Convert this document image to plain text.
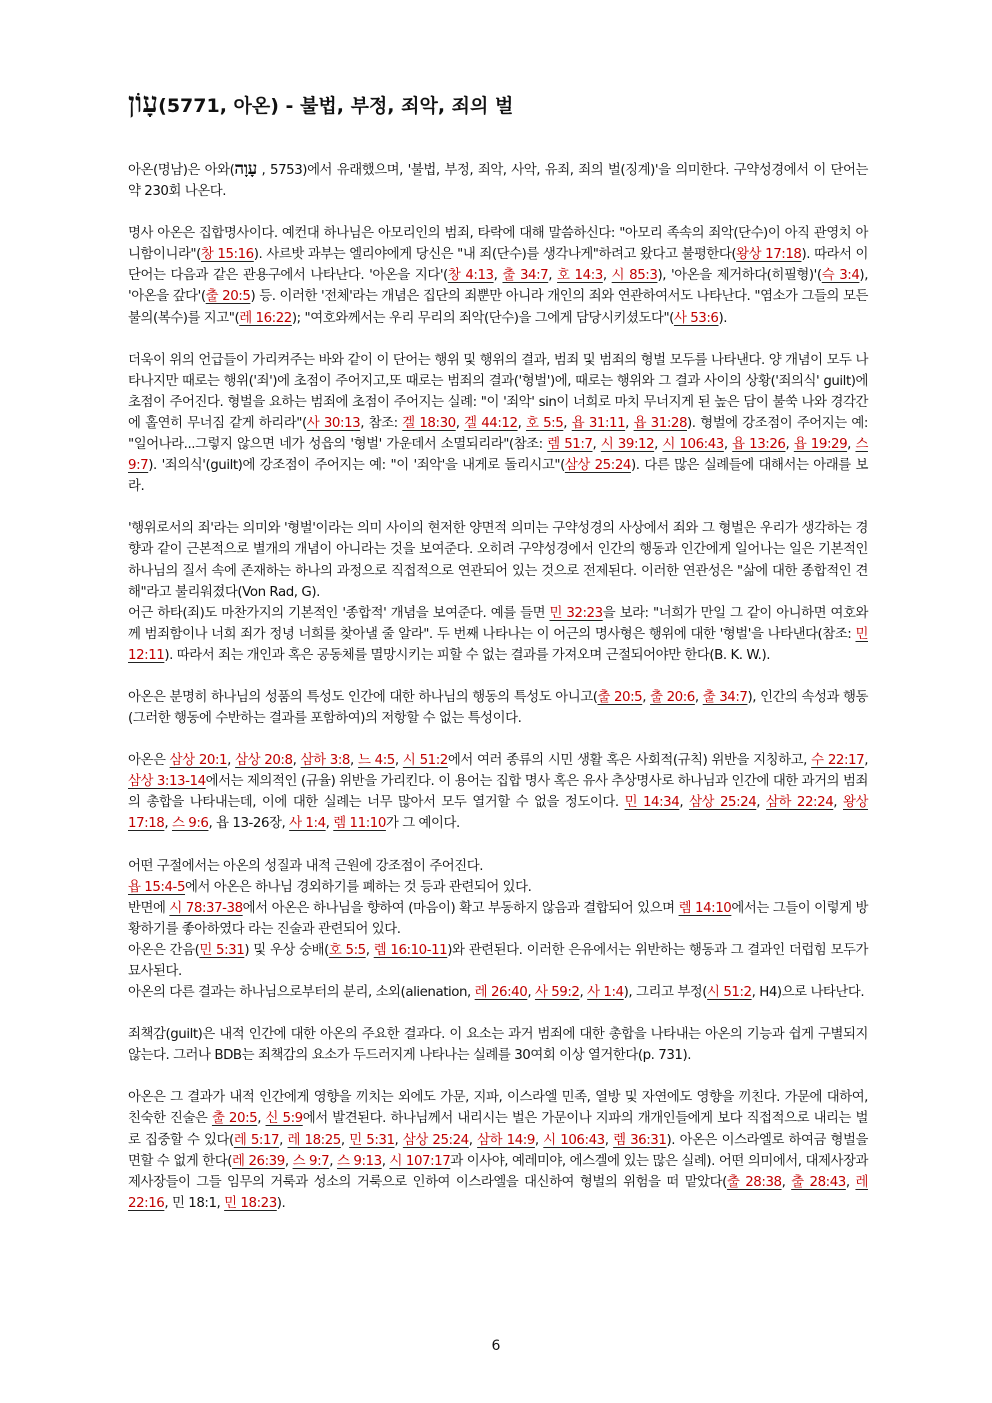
עָוֹן(5771, 아온) - 불법, 부정, 죄악, 죄의 벌

아온(명남)은 아와(עָוָה , 5753)에서 유래했으며, '불법, 부정, 죄악, 사악, 유죄, 죄의 벌(징계)'을 의미한다. 구약성경에서 이 단어는 약 230회 나온다.

명사 아온은 집합명사이다. 예컨대 하나님은 아모리인의 범죄, 타락에 대해 말씀하신다: "아모리 족속의 죄악(단수)이 아직 관영치 아니함이니라"(창 15:16). 사르밧 과부는 엘리야에게 당신은 "내 죄(단수)를 생각나게"하려고 왔다고 불평한다(왕상 17:18). 따라서 이 단어는 다음과 같은 관용구에서 나타난다. '아온을 지다'(창 4:13, 출 34:7, 호 14:3, 시 85:3), '아온을 제거하다(히필형)'(슥 3:4), '아온을 갚다'(출 20:5) 등. 이러한 '전체'라는 개념은 집단의 죄뿐만 아니라 개인의 죄와 연관하여서도 나타난다. "염소가 그들의 모든 불의(복수)를 지고"(레 16:22); "여호와께서는 우리 무리의 죄악(단수)을 그에게 담당시키셨도다"(사 53:6).

더욱이 위의 언급들이 가리켜주는 바와 같이 이 단어는 행위 및 행위의 결과, 범죄 및 범죄의 형벌 모두를 나타낸다. 양 개념이 모두 나타나지만 때로는 행위('죄')에 초점이 주어지고,또 때로는 범죄의 결과('형벌')에, 때로는 행위와 그 결과 사이의 상황('죄의식' guilt)에 초점이 주어진다. 형벌을 요하는 범죄에 초점이 주어지는 실례: "이 '죄악' sin이 너희로 마치 무너지게 된 높은 담이 불쑥 나와 경각간에 홀연히 무너짐 같게 하리라"(사 30:13, 참조: 겔 18:30, 겔 44:12, 호 5:5, 욥 31:11, 욥 31:28). 형벌에 강조점이 주어지는 예: "일어나라...그렇지 않으면 네가 성읍의 '형벌' 가운데서 소멸되리라"(참조: 렘 51:7, 시 39:12, 시 106:43, 욥 13:26, 욥 19:29, 스 9:7). '죄의식'(guilt)에 강조점이 주어지는 예: "이 '죄악'을 내게로 돌리시고"(삼상 25:24). 다른 많은 실례들에 대해서는 아래를 보라.

'행위로서의 죄'라는 의미와 '형벌'이라는 의미 사이의 현저한 양면적 의미는 구약성경의 사상에서 죄와 그 형벌은 우리가 생각하는 경향과 같이 근본적으로 별개의 개념이 아니라는 것을 보여준다. 오히려 구약성경에서 인간의 행동과 인간에게 일어나는 일은 기본적인 하나님의 질서 속에 존재하는 하나의 과정으로 직접적으로 연관되어 있는 것으로 전제된다. 이러한 연관성은 "삶에 대한 종합적인 견해"라고 불리워졌다(Von Rad, G).

어근 하타(죄)도 마찬가지의 기본적인 '종합적' 개념을 보여준다. 예를 들면 민 32:23을 보라: "너희가 만일 그 같이 아니하면 여호와께 범죄함이나 너희 죄가 정녕 너희를 찾아낼 줄 알라". 두 번째 나타나는 이 어근의 명사형은 행위에 대한 '형벌'을 나타낸다(참조: 민 12:11). 따라서 죄는 개인과 혹은 공동체를 멸망시키는 피할 수 없는 결과를 가져오며 근절되어야만 한다(B. K. W.).

아온은 분명히 하나님의 성품의 특성도 인간에 대한 하나님의 행동의 특성도 아니고(출 20:5, 출 20:6, 출 34:7), 인간의 속성과 행동(그러한 행동에 수반하는 결과를 포함하여)의 저항할 수 없는 특성이다.

아온은 삼상 20:1, 삼상 20:8, 삼하 3:8, 느 4:5, 시 51:2에서 여러 종류의 시민 생활 혹은 사회적(규칙) 위반을 지칭하고, 수 22:17, 삼상 3:13-14에서는 제의적인 (규율) 위반을 가리킨다. 이 용어는 집합 명사 혹은 유사 추상명사로 하나님과 인간에 대한 과거의 범죄의 총합을 나타내는데, 이에 대한 실례는 너무 많아서 모두 열거할 수 없을 정도이다. 민 14:34, 삼상 25:24, 삼하 22:24, 왕상 17:18, 스 9:6, 욥 13-26장, 사 1:4, 렘 11:10가 그 예이다.

어떤 구절에서는 아온의 성질과 내적 근원에 강조점이 주어진다.

욥 15:4-5에서 아온은 하나님 경외하기를 폐하는 것 등과 관련되어 있다.

반면에 시 78:37-38에서 아온은 하나님을 향하여 (마음이) 확고 부동하지 않음과 결합되어 있으며 렘 14:10에서는 그들이 이렇게 방황하기를 좋아하였다 라는 진술과 관련되어 있다.

아온은 간음(민 5:31) 및 우상 숭배(호 5:5, 렘 16:10-11)와 관련된다. 이러한 은유에서는 위반하는 행동과 그 결과인 더럽힘 모두가 묘사된다.

아온의 다른 결과는 하나님으로부터의 분리, 소외(alienation, 레 26:40, 사 59:2, 사 1:4), 그리고 부정(시 51:2, H4)으로 나타난다.

죄책감(guilt)은 내적 인간에 대한 아온의 주요한 결과다. 이 요소는 과거 범죄에 대한 총합을 나타내는 아온의 기능과 쉽게 구별되지 않는다. 그러나 BDB는 죄책감의 요소가 두드러지게 나타나는 실례를 30여회 이상 열거한다(p. 731).

아온은 그 결과가 내적 인간에게 영향을 끼치는 외에도 가문, 지파, 이스라엘 민족, 열방 및 자연에도 영향을 끼친다. 가문에 대하여, 친숙한 진술은 출 20:5, 신 5:9에서 발견된다. 하나님께서 내리시는 벌은 가문이나 지파의 개개인들에게 보다 직접적으로 내리는 벌로 집중할 수 있다(레 5:17, 레 18:25, 민 5:31, 삼상 25:24, 삼하 14:9, 시 106:43, 렘 36:31). 아온은 이스라엘로 하여금 형벌을 면할 수 없게 한다(레 26:39, 스 9:7, 스 9:13, 시 107:17과 이사야, 예레미야, 에스겔에 있는 많은 실례). 어떤 의미에서, 대제사장과 제사장들이 그들 임무의 거룩과 성소의 거룩으로 인하여 이스라엘을 대신하여 형벌의 위험을 떠 맡았다(출 28:38, 출 28:43, 레 22:16, 민 18:1, 민 18:23).

6
